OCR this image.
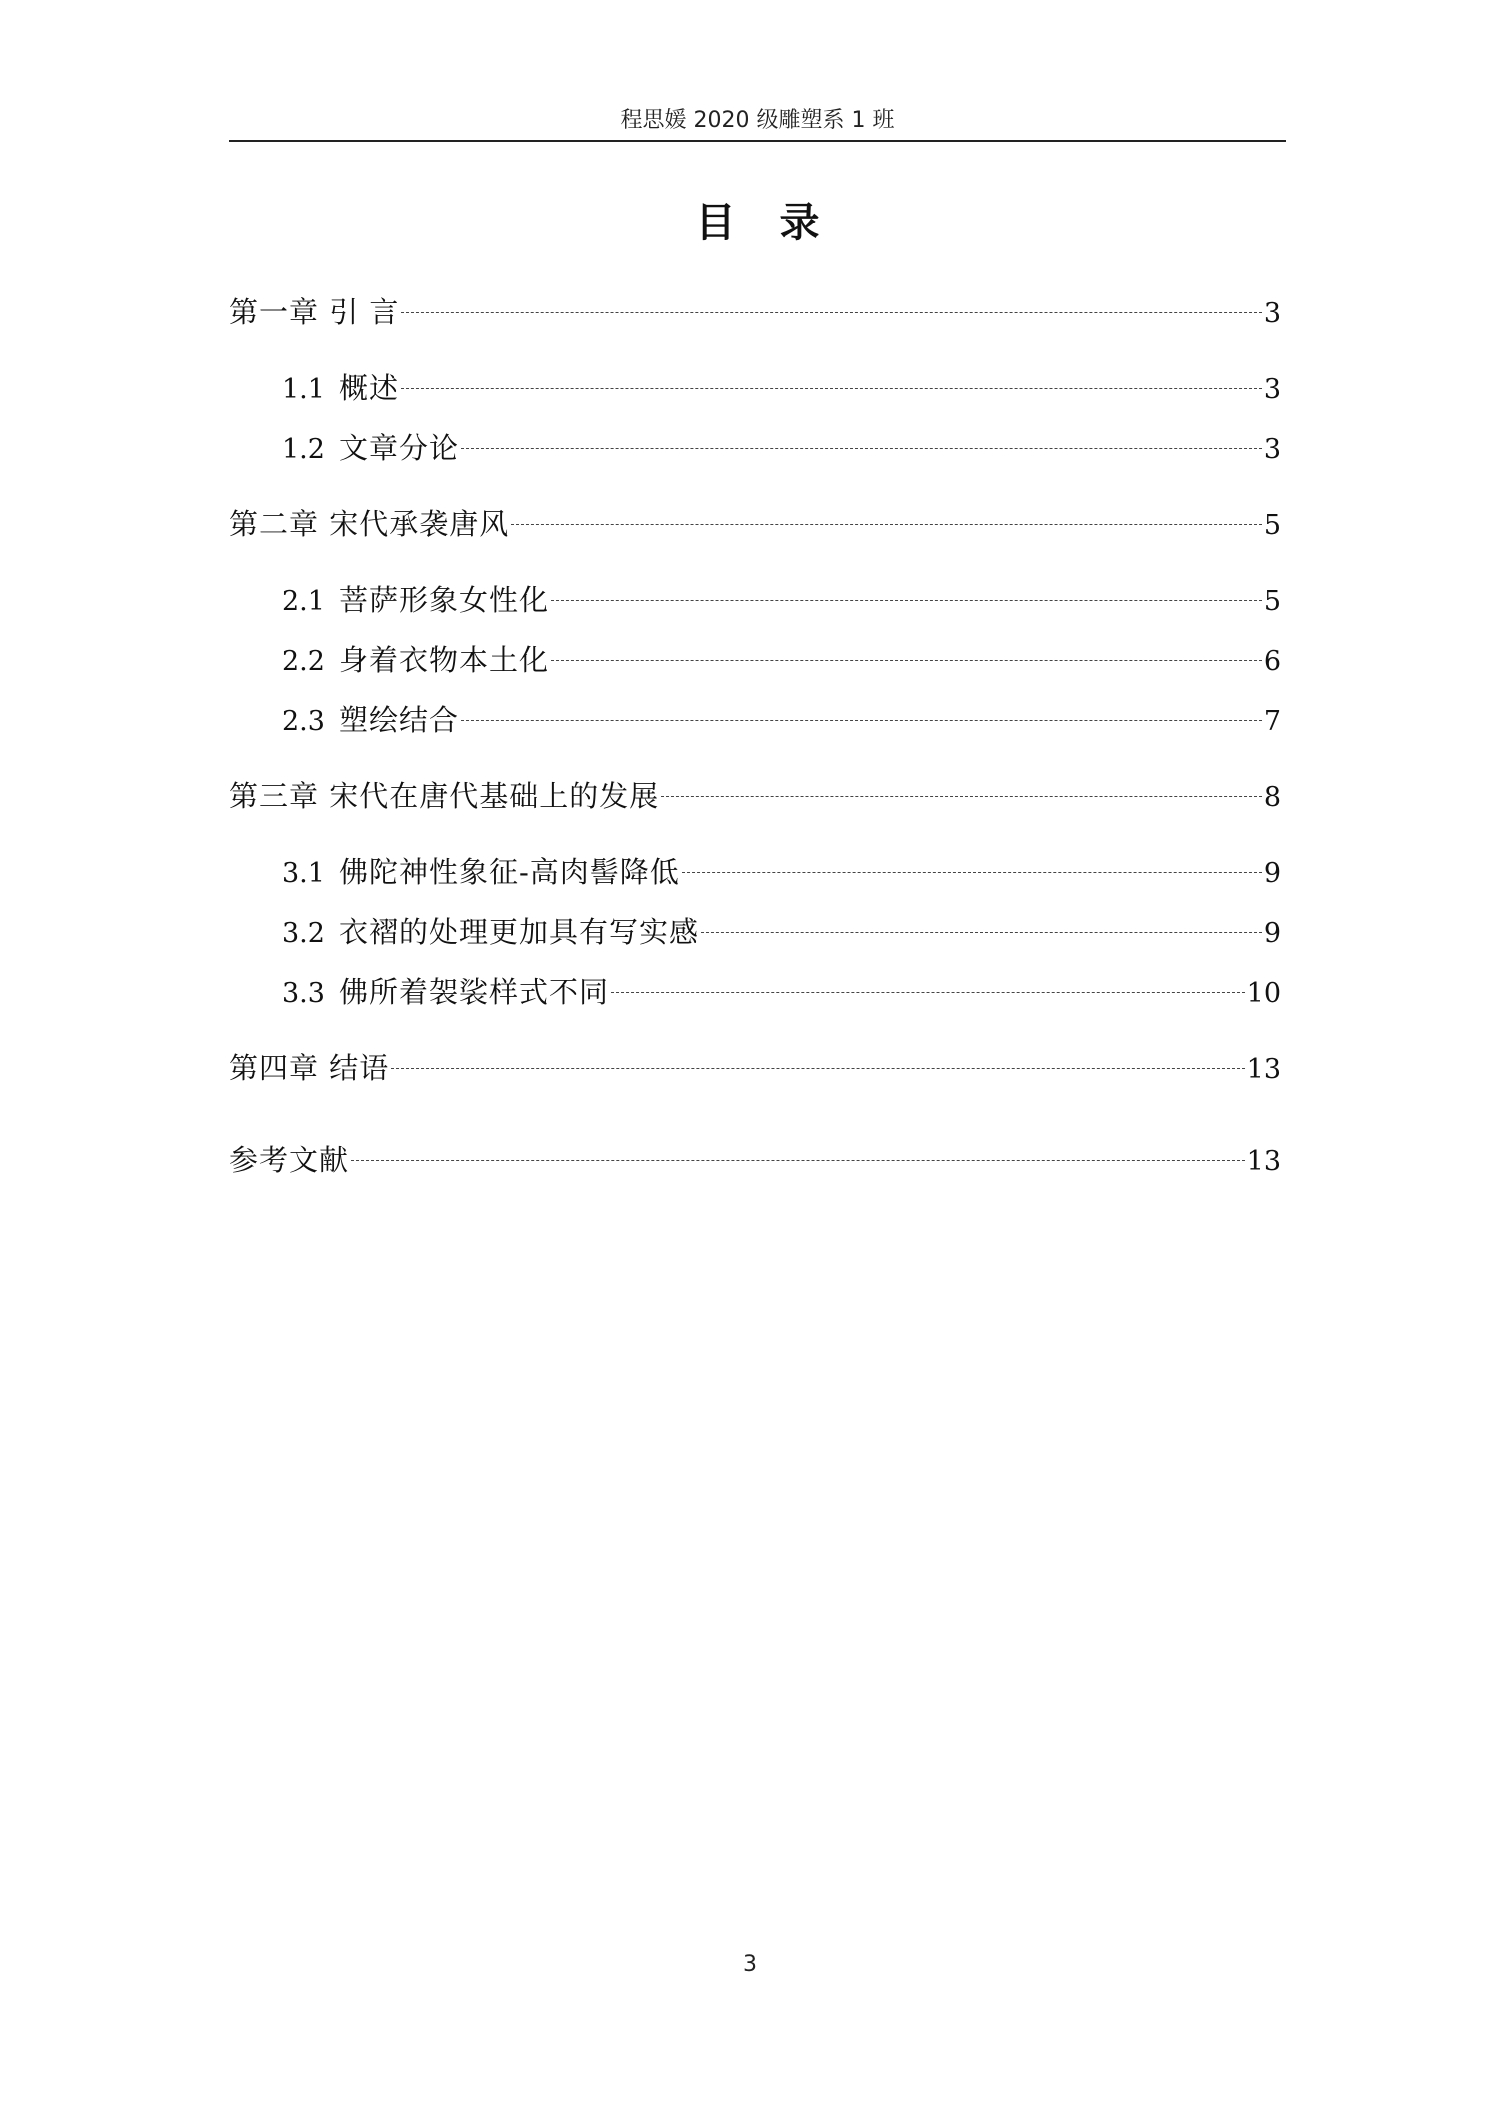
程思媛 2020 级雕塑系 1 班
目录
第一章 引 言	3
1.1 概述	3
1.2 文章分论	3
第二章 宋代承袭唐风	5
2.1 菩萨形象女性化	5
2.2 身着衣物本土化	6
2.3 塑绘结合	7
第三章 宋代在唐代基础上的发展	8
3.1 佛陀神性象征-高肉髻降低	9
3.2 衣褶的处理更加具有写实感	9
3.3 佛所着袈裟样式不同	10
第四章 结语	13
参考文献	13
3
